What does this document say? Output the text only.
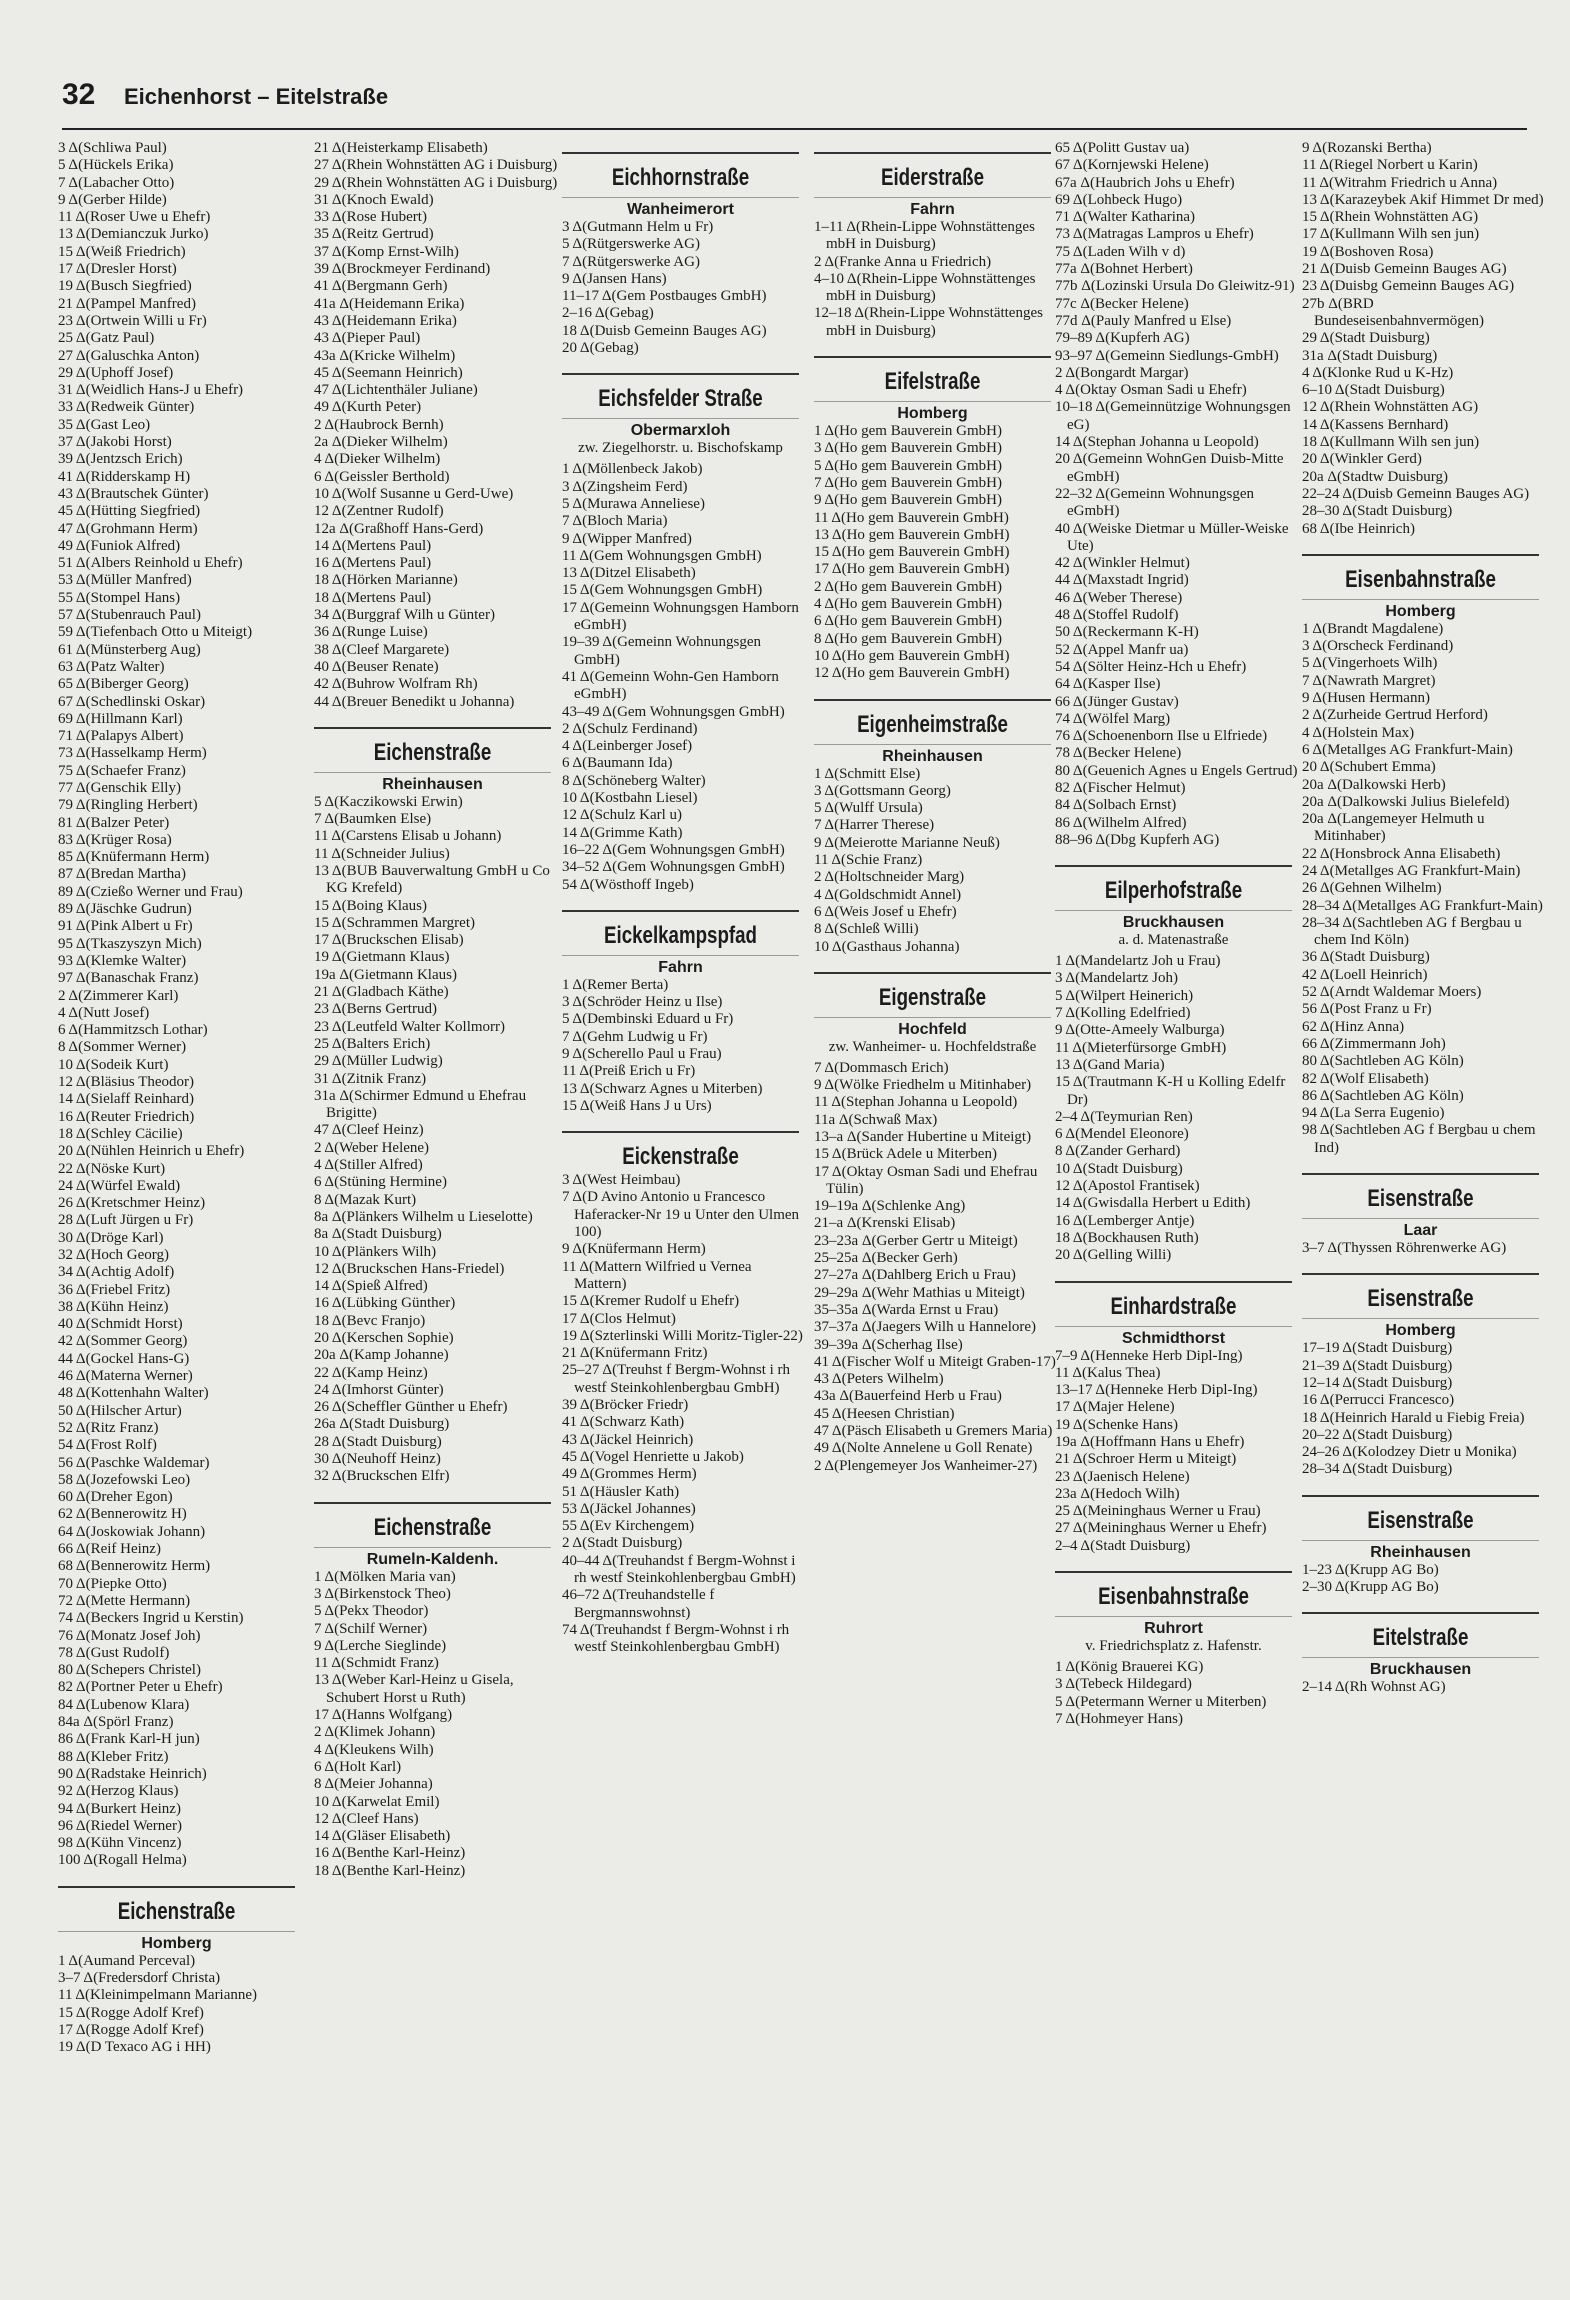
32 Eichenhorst – Eitelstraße

3 Δ(Schliwa Paul)

5 Δ(Hückels Erika)

7 Δ(Labacher Otto)

9 Δ(Gerber Hilde)

11 Δ(Roser Uwe u Ehefr)

13 Δ(Demianczuk Jurko)

15 Δ(Weiß Friedrich)

17 Δ(Dresler Horst)

19 Δ(Busch Siegfried)

21 Δ(Pampel Manfred)

23 Δ(Ortwein Willi u Fr)

25 Δ(Gatz Paul)

27 Δ(Galuschka Anton)

29 Δ(Uphoff Josef)

31 Δ(Weidlich Hans-J u Ehefr)

33 Δ(Redweik Günter)

35 Δ(Gast Leo)

37 Δ(Jakobi Horst)

39 Δ(Jentzsch Erich)

41 Δ(Ridderskamp H)

43 Δ(Brautschek Günter)

45 Δ(Hütting Siegfried)

47 Δ(Grohmann Herm)

49 Δ(Funiok Alfred)

51 Δ(Albers Reinhold u Ehefr)

53 Δ(Müller Manfred)

55 Δ(Stompel Hans)

57 Δ(Stubenrauch Paul)

59 Δ(Tiefenbach Otto u Miteigt)

61 Δ(Münsterberg Aug)

63 Δ(Patz Walter)

65 Δ(Biberger Georg)

67 Δ(Schedlinski Oskar)

69 Δ(Hillmann Karl)

71 Δ(Palapys Albert)

73 Δ(Hasselkamp Herm)

75 Δ(Schaefer Franz)

77 Δ(Genschik Elly)

79 Δ(Ringling Herbert)

81 Δ(Balzer Peter)

83 Δ(Krüger Rosa)

85 Δ(Knüfermann Herm)

87 Δ(Bredan Martha)

89 Δ(Czießo Werner und Frau)

89 Δ(Jäschke Gudrun)

91 Δ(Pink Albert u Fr)

95 Δ(Tkaszyszyn Mich)

93 Δ(Klemke Walter)

97 Δ(Banaschak Franz)

2 Δ(Zimmerer Karl)

4 Δ(Nutt Josef)

6 Δ(Hammitzsch Lothar)

8 Δ(Sommer Werner)

10 Δ(Sodeik Kurt)

12 Δ(Bläsius Theodor)

14 Δ(Sielaff Reinhard)

16 Δ(Reuter Friedrich)

18 Δ(Schley Cäcilie)

20 Δ(Nühlen Heinrich u Ehefr)

22 Δ(Nöske Kurt)

24 Δ(Würfel Ewald)

26 Δ(Kretschmer Heinz)

28 Δ(Luft Jürgen u Fr)

30 Δ(Dröge Karl)

32 Δ(Hoch Georg)

34 Δ(Achtig Adolf)

36 Δ(Friebel Fritz)

38 Δ(Kühn Heinz)

40 Δ(Schmidt Horst)

42 Δ(Sommer Georg)

44 Δ(Gockel Hans-G)

46 Δ(Materna Werner)

48 Δ(Kottenhahn Walter)

50 Δ(Hilscher Artur)

52 Δ(Ritz Franz)

54 Δ(Frost Rolf)

56 Δ(Paschke Waldemar)

58 Δ(Jozefowski Leo)

60 Δ(Dreher Egon)

62 Δ(Bennerowitz H)

64 Δ(Joskowiak Johann)

66 Δ(Reif Heinz)

68 Δ(Bennerowitz Herm)

70 Δ(Piepke Otto)

72 Δ(Mette Hermann)

74 Δ(Beckers Ingrid u Kerstin)

76 Δ(Monatz Josef Joh)

78 Δ(Gust Rudolf)

80 Δ(Schepers Christel)

82 Δ(Portner Peter u Ehefr)

84 Δ(Lubenow Klara)

84a Δ(Spörl Franz)

86 Δ(Frank Karl-H jun)

88 Δ(Kleber Fritz)

90 Δ(Radstake Heinrich)

92 Δ(Herzog Klaus)

94 Δ(Burkert Heinz)

96 Δ(Riedel Werner)

98 Δ(Kühn Vincenz)

100 Δ(Rogall Helma)

Eichenstraße
Homberg

1 Δ(Aumand Perceval)

3–7 Δ(Fredersdorf Christa)

11 Δ(Kleinimpelmann Marianne)

15 Δ(Rogge Adolf Kref)

17 Δ(Rogge Adolf Kref)

19 Δ(D Texaco AG i HH)

21 Δ(Heisterkamp Elisabeth)

27 Δ(Rhein Wohnstätten AG i Duisburg)

29 Δ(Rhein Wohnstätten AG i Duisburg)

31 Δ(Knoch Ewald)

33 Δ(Rose Hubert)

35 Δ(Reitz Gertrud)

37 Δ(Komp Ernst-Wilh)

39 Δ(Brockmeyer Ferdinand)

41 Δ(Bergmann Gerh)

41a Δ(Heidemann Erika)

43 Δ(Heidemann Erika)

43 Δ(Pieper Paul)

43a Δ(Kricke Wilhelm)

45 Δ(Seemann Heinrich)

47 Δ(Lichtenthäler Juliane)

49 Δ(Kurth Peter)

2 Δ(Haubrock Bernh)

2a Δ(Dieker Wilhelm)

4 Δ(Dieker Wilhelm)

6 Δ(Geissler Berthold)

10 Δ(Wolf Susanne u Gerd-Uwe)

12 Δ(Zentner Rudolf)

12a Δ(Graßhoff Hans-Gerd)

14 Δ(Mertens Paul)

16 Δ(Mertens Paul)

18 Δ(Hörken Marianne)

18 Δ(Mertens Paul)

34 Δ(Burggraf Wilh u Günter)

36 Δ(Runge Luise)

38 Δ(Cleef Margarete)

40 Δ(Beuser Renate)

42 Δ(Buhrow Wolfram Rh)

44 Δ(Breuer Benedikt u Johanna)

Eichenstraße
Rheinhausen

5 Δ(Kaczikowski Erwin)

7 Δ(Baumken Else)

11 Δ(Carstens Elisab u Johann)

11 Δ(Schneider Julius)

13 Δ(BUB Bauverwaltung GmbH u Co KG Krefeld)

15 Δ(Boing Klaus)

15 Δ(Schrammen Margret)

17 Δ(Bruckschen Elisab)

19 Δ(Gietmann Klaus)

19a Δ(Gietmann Klaus)

21 Δ(Gladbach Käthe)

23 Δ(Berns Gertrud)

23 Δ(Leutfeld Walter Kollmorr)

25 Δ(Balters Erich)

29 Δ(Müller Ludwig)

31 Δ(Zitnik Franz)

31a Δ(Schirmer Edmund u Ehefrau Brigitte)

47 Δ(Cleef Heinz)

2 Δ(Weber Helene)

4 Δ(Stiller Alfred)

6 Δ(Stüning Hermine)

8 Δ(Mazak Kurt)

8a Δ(Plänkers Wilhelm u Lieselotte)

8a Δ(Stadt Duisburg)

10 Δ(Plänkers Wilh)

12 Δ(Bruckschen Hans-Friedel)

14 Δ(Spieß Alfred)

16 Δ(Lübking Günther)

18 Δ(Bevc Franjo)

20 Δ(Kerschen Sophie)

20a Δ(Kamp Johanne)

22 Δ(Kamp Heinz)

24 Δ(Imhorst Günter)

26 Δ(Scheffler Günther u Ehefr)

26a Δ(Stadt Duisburg)

28 Δ(Stadt Duisburg)

30 Δ(Neuhoff Heinz)

32 Δ(Bruckschen Elfr)

Eichenstraße
Rumeln-Kaldenh.

1 Δ(Mölken Maria van)

3 Δ(Birkenstock Theo)

5 Δ(Pekx Theodor)

7 Δ(Schilf Werner)

9 Δ(Lerche Sieglinde)

11 Δ(Schmidt Franz)

13 Δ(Weber Karl-Heinz u Gisela, Schubert Horst u Ruth)

17 Δ(Hanns Wolfgang)

2 Δ(Klimek Johann)

4 Δ(Kleukens Wilh)

6 Δ(Holt Karl)

8 Δ(Meier Johanna)

10 Δ(Karwelat Emil)

12 Δ(Cleef Hans)

14 Δ(Gläser Elisabeth)

16 Δ(Benthe Karl-Heinz)

18 Δ(Benthe Karl-Heinz)

Eichhornstraße
Wanheimerort

3 Δ(Gutmann Helm u Fr)

5 Δ(Rütgerswerke AG)

7 Δ(Rütgerswerke AG)

9 Δ(Jansen Hans)

11–17 Δ(Gem Postbauges GmbH)

2–16 Δ(Gebag)

18 Δ(Duisb Gemeinn Bauges AG)

20 Δ(Gebag)

Eichsfelder Straße
Obermarxloh
zw. Ziegelhorstr. u. Bischofskamp

1 Δ(Möllenbeck Jakob)

3 Δ(Zingsheim Ferd)

5 Δ(Murawa Anneliese)

7 Δ(Bloch Maria)

9 Δ(Wipper Manfred)

11 Δ(Gem Wohnungsgen GmbH)

13 Δ(Ditzel Elisabeth)

15 Δ(Gem Wohnungsgen GmbH)

17 Δ(Gemeinn Wohnungsgen Hamborn eGmbH)

19–39 Δ(Gemeinn Wohnungsgen GmbH)

41 Δ(Gemeinn Wohn-Gen Hamborn eGmbH)

43–49 Δ(Gem Wohnungsgen GmbH)

2 Δ(Schulz Ferdinand)

4 Δ(Leinberger Josef)

6 Δ(Baumann Ida)

8 Δ(Schöneberg Walter)

10 Δ(Kostbahn Liesel)

12 Δ(Schulz Karl u)

14 Δ(Grimme Kath)

16–22 Δ(Gem Wohnungsgen GmbH)

34–52 Δ(Gem Wohnungsgen GmbH)

54 Δ(Wösthoff Ingeb)

Eickelkampspfad
Fahrn

1 Δ(Remer Berta)

3 Δ(Schröder Heinz u Ilse)

5 Δ(Dembinski Eduard u Fr)

7 Δ(Gehm Ludwig u Fr)

9 Δ(Scherello Paul u Frau)

11 Δ(Preiß Erich u Fr)

13 Δ(Schwarz Agnes u Miterben)

15 Δ(Weiß Hans J u Urs)

Eickenstraße

3 Δ(West Heimbau)

7 Δ(D Avino Antonio u Francesco Haferacker-Nr 19 u Unter den Ulmen 100)

9 Δ(Knüfermann Herm)

11 Δ(Mattern Wilfried u Vernea Mattern)

15 Δ(Kremer Rudolf u Ehefr)

17 Δ(Clos Helmut)

19 Δ(Szterlinski Willi Moritz-Tigler-22)

21 Δ(Knüfermann Fritz)

25–27 Δ(Treuhst f Bergm-Wohnst i rh westf Steinkohlenbergbau GmbH)

39 Δ(Bröcker Friedr)

41 Δ(Schwarz Kath)

43 Δ(Jäckel Heinrich)

45 Δ(Vogel Henriette u Jakob)

49 Δ(Grommes Herm)

51 Δ(Häusler Kath)

53 Δ(Jäckel Johannes)

55 Δ(Ev Kirchengem)

2 Δ(Stadt Duisburg)

40–44 Δ(Treuhandst f Bergm-Wohnst i rh westf Steinkohlenbergbau GmbH)

46–72 Δ(Treuhandstelle f Bergmannswohnst)

74 Δ(Treuhandst f Bergm-Wohnst i rh westf Steinkohlenbergbau GmbH)

Eiderstraße
Fahrn

1–11 Δ(Rhein-Lippe Wohnstättenges mbH in Duisburg)

2 Δ(Franke Anna u Friedrich)

4–10 Δ(Rhein-Lippe Wohnstättenges mbH in Duisburg)

12–18 Δ(Rhein-Lippe Wohnstättenges mbH in Duisburg)

Eifelstraße
Homberg

1 Δ(Ho gem Bauverein GmbH)

3 Δ(Ho gem Bauverein GmbH)

5 Δ(Ho gem Bauverein GmbH)

7 Δ(Ho gem Bauverein GmbH)

9 Δ(Ho gem Bauverein GmbH)

11 Δ(Ho gem Bauverein GmbH)

13 Δ(Ho gem Bauverein GmbH)

15 Δ(Ho gem Bauverein GmbH)

17 Δ(Ho gem Bauverein GmbH)

2 Δ(Ho gem Bauverein GmbH)

4 Δ(Ho gem Bauverein GmbH)

6 Δ(Ho gem Bauverein GmbH)

8 Δ(Ho gem Bauverein GmbH)

10 Δ(Ho gem Bauverein GmbH)

12 Δ(Ho gem Bauverein GmbH)

Eigenheimstraße
Rheinhausen

1 Δ(Schmitt Else)

3 Δ(Gottsmann Georg)

5 Δ(Wulff Ursula)

7 Δ(Harrer Therese)

9 Δ(Meierotte Marianne Neuß)

11 Δ(Schie Franz)

2 Δ(Holtschneider Marg)

4 Δ(Goldschmidt Annel)

6 Δ(Weis Josef u Ehefr)

8 Δ(Schleß Willi)

10 Δ(Gasthaus Johanna)

Eigenstraße
Hochfeld
zw. Wanheimer- u. Hochfeldstraße

7 Δ(Dommasch Erich)

9 Δ(Wölke Friedhelm u Mitinhaber)

11 Δ(Stephan Johanna u Leopold)

11a Δ(Schwaß Max)

13–a Δ(Sander Hubertine u Miteigt)

15 Δ(Brück Adele u Miterben)

17 Δ(Oktay Osman Sadi und Ehefrau Tülin)

19–19a Δ(Schlenke Ang)

21–a Δ(Krenski Elisab)

23–23a Δ(Gerber Gertr u Miteigt)

25–25a Δ(Becker Gerh)

27–27a Δ(Dahlberg Erich u Frau)

29–29a Δ(Wehr Mathias u Miteigt)

35–35a Δ(Warda Ernst u Frau)

37–37a Δ(Jaegers Wilh u Hannelore)

39–39a Δ(Scherhag Ilse)

41 Δ(Fischer Wolf u Miteigt Graben-17)

43 Δ(Peters Wilhelm)

43a Δ(Bauerfeind Herb u Frau)

45 Δ(Heesen Christian)

47 Δ(Päsch Elisabeth u Gremers Maria)

49 Δ(Nolte Annelene u Goll Renate)

2 Δ(Plengemeyer Jos Wanheimer-27)

65 Δ(Politt Gustav ua)

67 Δ(Kornjewski Helene)

67a Δ(Haubrich Johs u Ehefr)

69 Δ(Lohbeck Hugo)

71 Δ(Walter Katharina)

73 Δ(Matragas Lampros u Ehefr)

75 Δ(Laden Wilh v d)

77a Δ(Bohnet Herbert)

77b Δ(Lozinski Ursula Do Gleiwitz-91)

77c Δ(Becker Helene)

77d Δ(Pauly Manfred u Else)

79–89 Δ(Kupferh AG)

93–97 Δ(Gemeinn Siedlungs-GmbH)

2 Δ(Bongardt Margar)

4 Δ(Oktay Osman Sadi u Ehefr)

10–18 Δ(Gemeinnützige Wohnungsgen eG)

14 Δ(Stephan Johanna u Leopold)

20 Δ(Gemeinn WohnGen Duisb-Mitte eGmbH)

22–32 Δ(Gemeinn Wohnungsgen eGmbH)

40 Δ(Weiske Dietmar u Müller-Weiske Ute)

42 Δ(Winkler Helmut)

44 Δ(Maxstadt Ingrid)

46 Δ(Weber Therese)

48 Δ(Stoffel Rudolf)

50 Δ(Reckermann K-H)

52 Δ(Appel Manfr ua)

54 Δ(Sölter Heinz-Hch u Ehefr)

64 Δ(Kasper Ilse)

66 Δ(Jünger Gustav)

74 Δ(Wölfel Marg)

76 Δ(Schoenenborn Ilse u Elfriede)

78 Δ(Becker Helene)

80 Δ(Geuenich Agnes u Engels Gertrud)

82 Δ(Fischer Helmut)

84 Δ(Solbach Ernst)

86 Δ(Wilhelm Alfred)

88–96 Δ(Dbg Kupferh AG)

Eilperhofstraße
Bruckhausen
a. d. Matenastraße

1 Δ(Mandelartz Joh u Frau)

3 Δ(Mandelartz Joh)

5 Δ(Wilpert Heinerich)

7 Δ(Kolling Edelfried)

9 Δ(Otte-Ameely Walburga)

11 Δ(Mieterfürsorge GmbH)

13 Δ(Gand Maria)

15 Δ(Trautmann K-H u Kolling Edelfr Dr)

2–4 Δ(Teymurian Ren)

6 Δ(Mendel Eleonore)

8 Δ(Zander Gerhard)

10 Δ(Stadt Duisburg)

12 Δ(Apostol Frantisek)

14 Δ(Gwisdalla Herbert u Edith)

16 Δ(Lemberger Antje)

18 Δ(Bockhausen Ruth)

20 Δ(Gelling Willi)

Einhardstraße
Schmidthorst

7–9 Δ(Henneke Herb Dipl-Ing)

11 Δ(Kalus Thea)

13–17 Δ(Henneke Herb Dipl-Ing)

17 Δ(Majer Helene)

19 Δ(Schenke Hans)

19a Δ(Hoffmann Hans u Ehefr)

21 Δ(Schroer Herm u Miteigt)

23 Δ(Jaenisch Helene)

23a Δ(Hedoch Wilh)

25 Δ(Meininghaus Werner u Frau)

27 Δ(Meininghaus Werner u Ehefr)

2–4 Δ(Stadt Duisburg)

Eisenbahnstraße
Ruhrort
v. Friedrichsplatz z. Hafenstr.

1 Δ(König Brauerei KG)

3 Δ(Tebeck Hildegard)

5 Δ(Petermann Werner u Miterben)

7 Δ(Hohmeyer Hans)

9 Δ(Rozanski Bertha)

11 Δ(Riegel Norbert u Karin)

11 Δ(Witrahm Friedrich u Anna)

13 Δ(Karazeybek Akif Himmet Dr med)

15 Δ(Rhein Wohnstätten AG)

17 Δ(Kullmann Wilh sen jun)

19 Δ(Boshoven Rosa)

21 Δ(Duisb Gemeinn Bauges AG)

23 Δ(Duisbg Gemeinn Bauges AG)

27b Δ(BRD Bundeseisenbahnvermögen)

29 Δ(Stadt Duisburg)

31a Δ(Stadt Duisburg)

4 Δ(Klonke Rud u K-Hz)

6–10 Δ(Stadt Duisburg)

12 Δ(Rhein Wohnstätten AG)

14 Δ(Kassens Bernhard)

18 Δ(Kullmann Wilh sen jun)

20 Δ(Winkler Gerd)

20a Δ(Stadtw Duisburg)

22–24 Δ(Duisb Gemeinn Bauges AG)

28–30 Δ(Stadt Duisburg)

68 Δ(Ibe Heinrich)

Eisenbahnstraße
Homberg

1 Δ(Brandt Magdalene)

3 Δ(Orscheck Ferdinand)

5 Δ(Vingerhoets Wilh)

7 Δ(Nawrath Margret)

9 Δ(Husen Hermann)

2 Δ(Zurheide Gertrud Herford)

4 Δ(Holstein Max)

6 Δ(Metallges AG Frankfurt-Main)

20 Δ(Schubert Emma)

20a Δ(Dalkowski Herb)

20a Δ(Dalkowski Julius Bielefeld)

20a Δ(Langemeyer Helmuth u Mitinhaber)

22 Δ(Honsbrock Anna Elisabeth)

24 Δ(Metallges AG Frankfurt-Main)

26 Δ(Gehnen Wilhelm)

28–34 Δ(Metallges AG Frankfurt-Main)

28–34 Δ(Sachtleben AG f Bergbau u chem Ind Köln)

36 Δ(Stadt Duisburg)

42 Δ(Loell Heinrich)

52 Δ(Arndt Waldemar Moers)

56 Δ(Post Franz u Fr)

62 Δ(Hinz Anna)

66 Δ(Zimmermann Joh)

80 Δ(Sachtleben AG Köln)

82 Δ(Wolf Elisabeth)

86 Δ(Sachtleben AG Köln)

94 Δ(La Serra Eugenio)

98 Δ(Sachtleben AG f Bergbau u chem Ind)

Eisenstraße
Laar

3–7 Δ(Thyssen Röhrenwerke AG)

Eisenstraße
Homberg

17–19 Δ(Stadt Duisburg)

21–39 Δ(Stadt Duisburg)

12–14 Δ(Stadt Duisburg)

16 Δ(Perrucci Francesco)

18 Δ(Heinrich Harald u Fiebig Freia)

20–22 Δ(Stadt Duisburg)

24–26 Δ(Kolodzey Dietr u Monika)

28–34 Δ(Stadt Duisburg)

Eisenstraße
Rheinhausen

1–23 Δ(Krupp AG Bo)

2–30 Δ(Krupp AG Bo)

Eitelstraße
Bruckhausen

2–14 Δ(Rh Wohnst AG)
